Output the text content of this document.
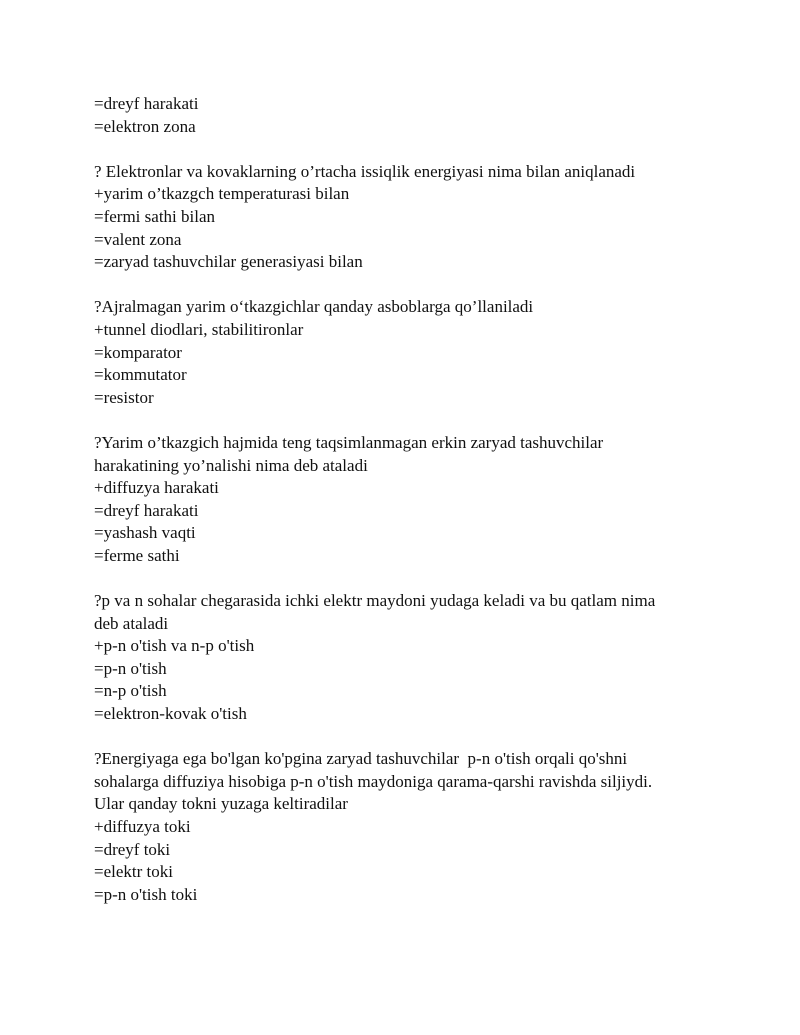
=dreyf harakati
=elektron zona
? Elektronlar va kovaklarning o’rtacha issiqlik energiyasi nima bilan aniqlanadi
+yarim o’tkazgch temperaturasi bilan
=fermi sathi bilan
=valent zona
=zaryad tashuvchilar generasiyasi bilan
?Ajralmagan yarim o‘tkazgichlar qanday asboblarga qo’llaniladi
+tunnel diodlari, stabilitironlar
=komparator
=kommutator
=resistor
?Yarim o’tkazgich hajmida teng taqsimlanmagan erkin zaryad tashuvchilar
harakatining yo’nalishi nima deb ataladi
+diffuzya harakati
=dreyf harakati
=yashash vaqti
=ferme sathi
?p va n sohalar chegarasida ichki elektr maydoni yudaga keladi va bu qatlam nima
deb ataladi
+p-n o'tish va n-p o'tish
=p-n o'tish
=n-p o'tish
=elektron-kovak o'tish
?Energiyaga ega bo'lgan ko'pgina zaryad tashuvchilar  p-n o'tish orqali qo'shni
sohalarga diffuziya hisobiga p-n o'tish maydoniga qarama-qarshi ravishda siljiydi.
Ular qanday tokni yuzaga keltiradilar
+diffuzya toki
=dreyf toki
=elektr toki
=p-n o'tish toki
